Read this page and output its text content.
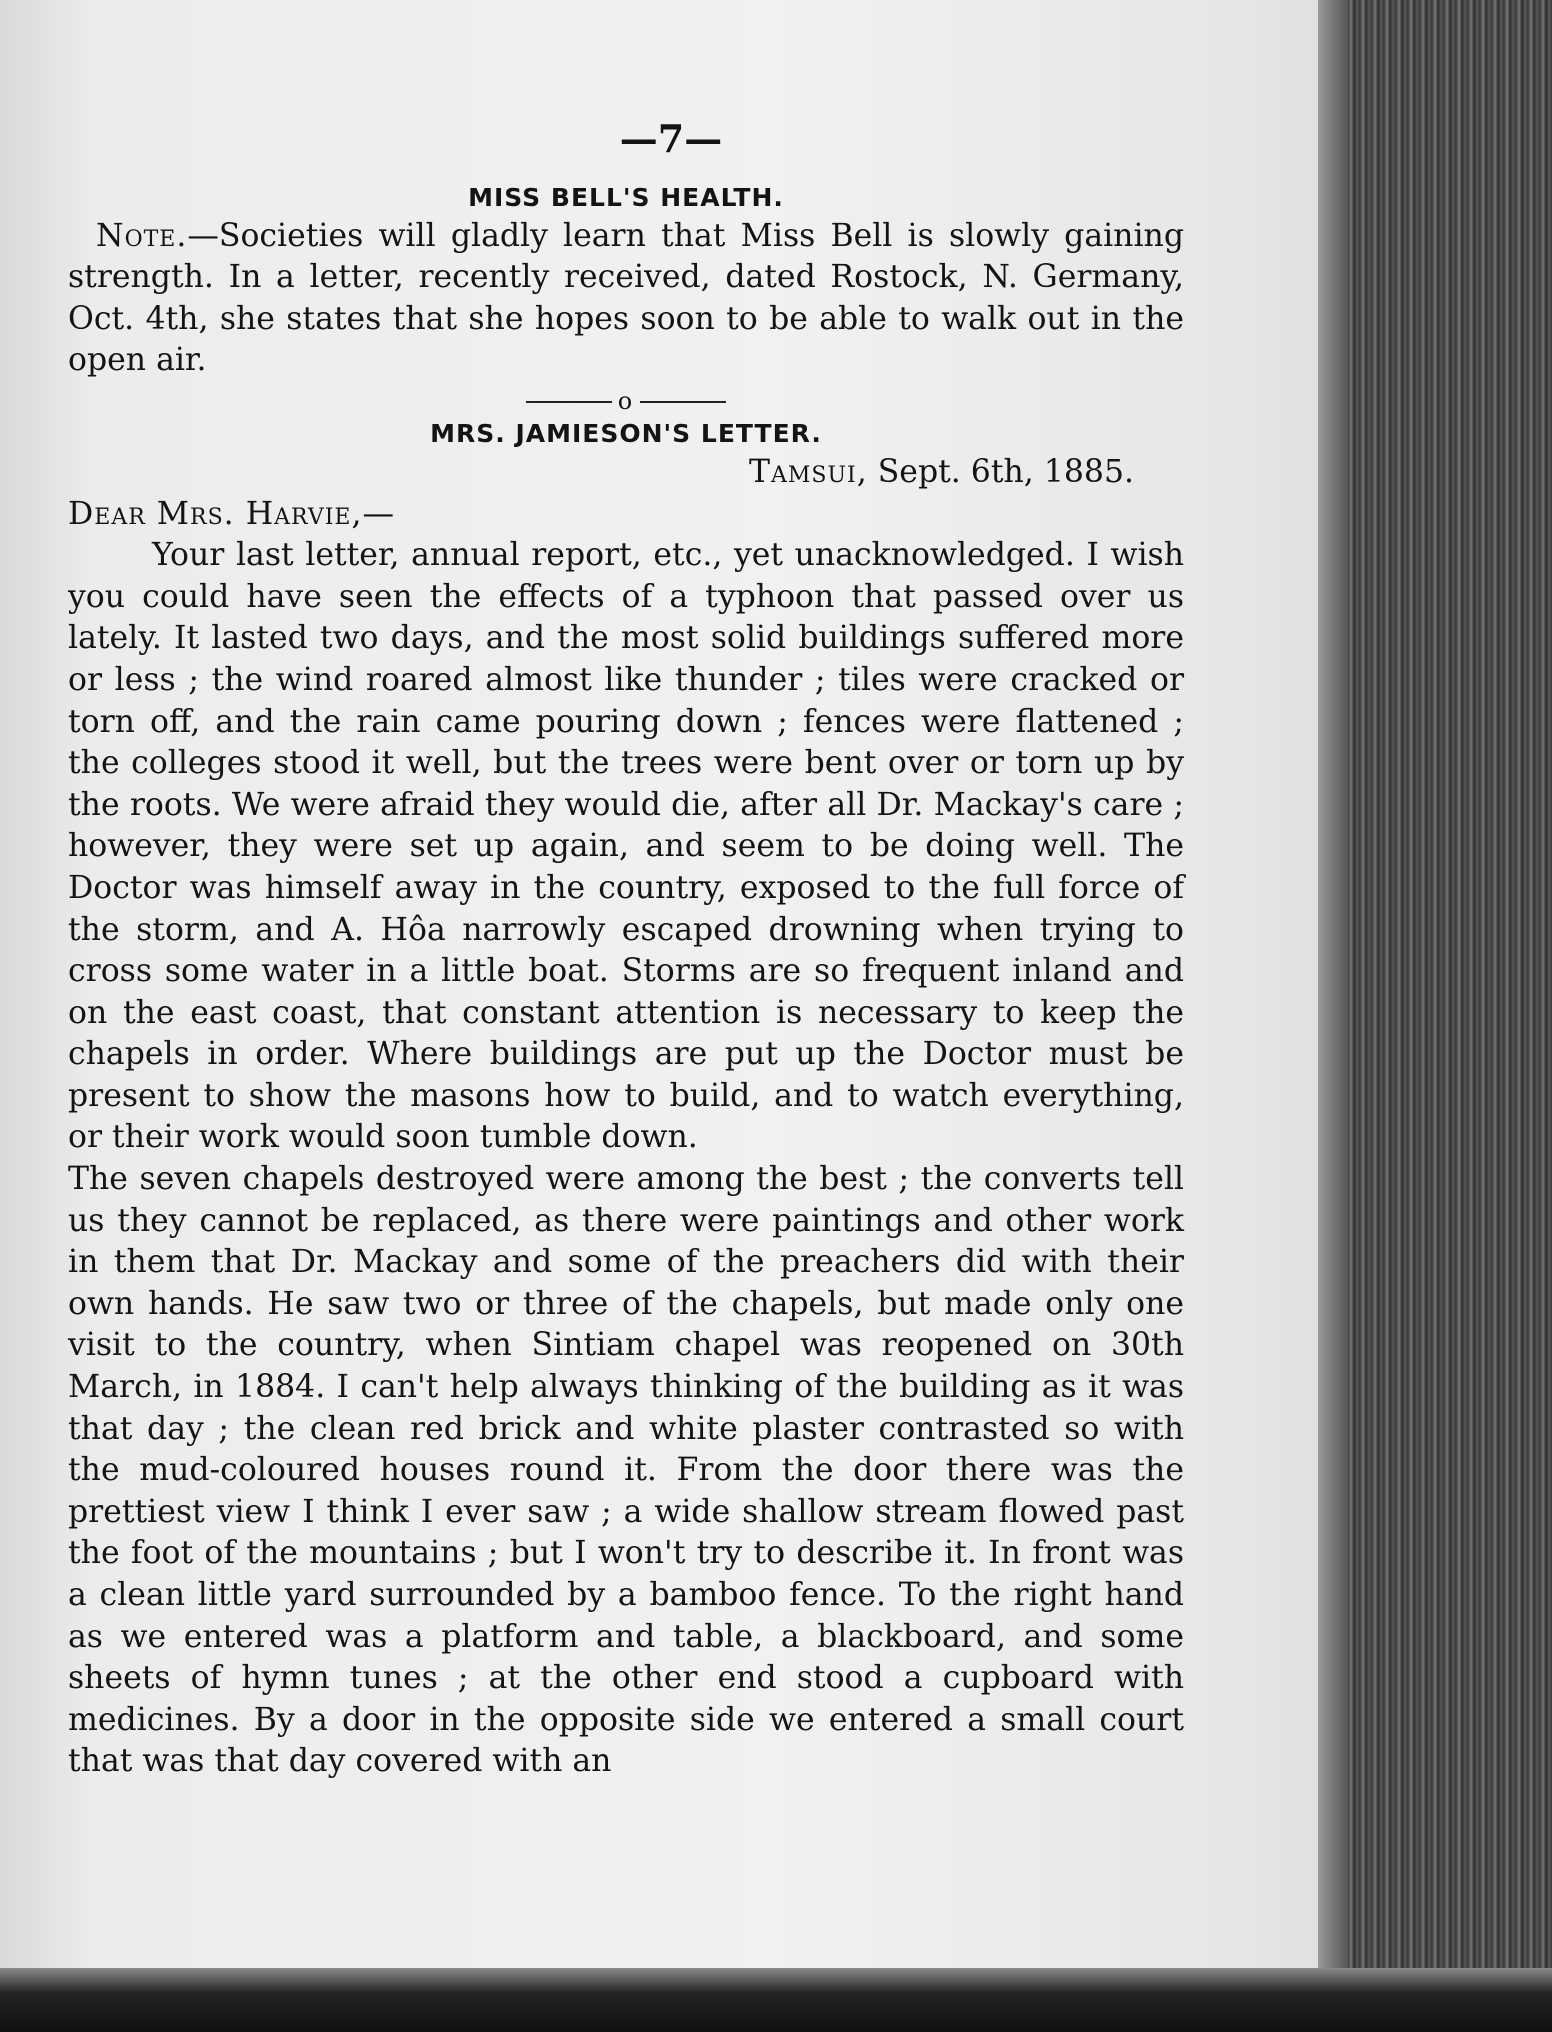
—7—

MISS BELL'S HEALTH.

Note.—Societies will gladly learn that Miss Bell is slowly gaining strength. In a letter, recently received, dated Rostock, N. Germany, Oct. 4th, she states that she hopes soon to be able to walk out in the open air.

o

MRS. JAMIESON'S LETTER.

Tamsui, Sept. 6th, 1885.

Dear Mrs. Harvie,—

Your last letter, annual report, etc., yet unacknowledged. I wish you could have seen the effects of a typhoon that passed over us lately. It lasted two days, and the most solid buildings suffered more or less ; the wind roared almost like thunder ; tiles were cracked or torn off, and the rain came pouring down ; fences were flattened ; the colleges stood it well, but the trees were bent over or torn up by the roots. We were afraid they would die, after all Dr. Mackay's care ; however, they were set up again, and seem to be doing well. The Doctor was himself away in the country, exposed to the full force of the storm, and A. Hôa narrowly escaped drowning when trying to cross some water in a little boat. Storms are so frequent inland and on the east coast, that constant attention is necessary to keep the chapels in order. Where buildings are put up the Doctor must be present to show the masons how to build, and to watch everything, or their work would soon tumble down.

The seven chapels destroyed were among the best ; the converts tell us they cannot be replaced, as there were paintings and other work in them that Dr. Mackay and some of the preachers did with their own hands. He saw two or three of the chapels, but made only one visit to the country, when Sintiam chapel was reopened on 30th March, in 1884. I can't help always thinking of the building as it was that day ; the clean red brick and white plaster contrasted so with the mud-coloured houses round it. From the door there was the prettiest view I think I ever saw ; a wide shallow stream flowed past the foot of the mountains ; but I won't try to describe it. In front was a clean little yard surrounded by a bamboo fence. To the right hand as we entered was a platform and table, a blackboard, and some sheets of hymn tunes ; at the other end stood a cupboard with medicines. By a door in the opposite side we entered a small court that was that day covered with an
